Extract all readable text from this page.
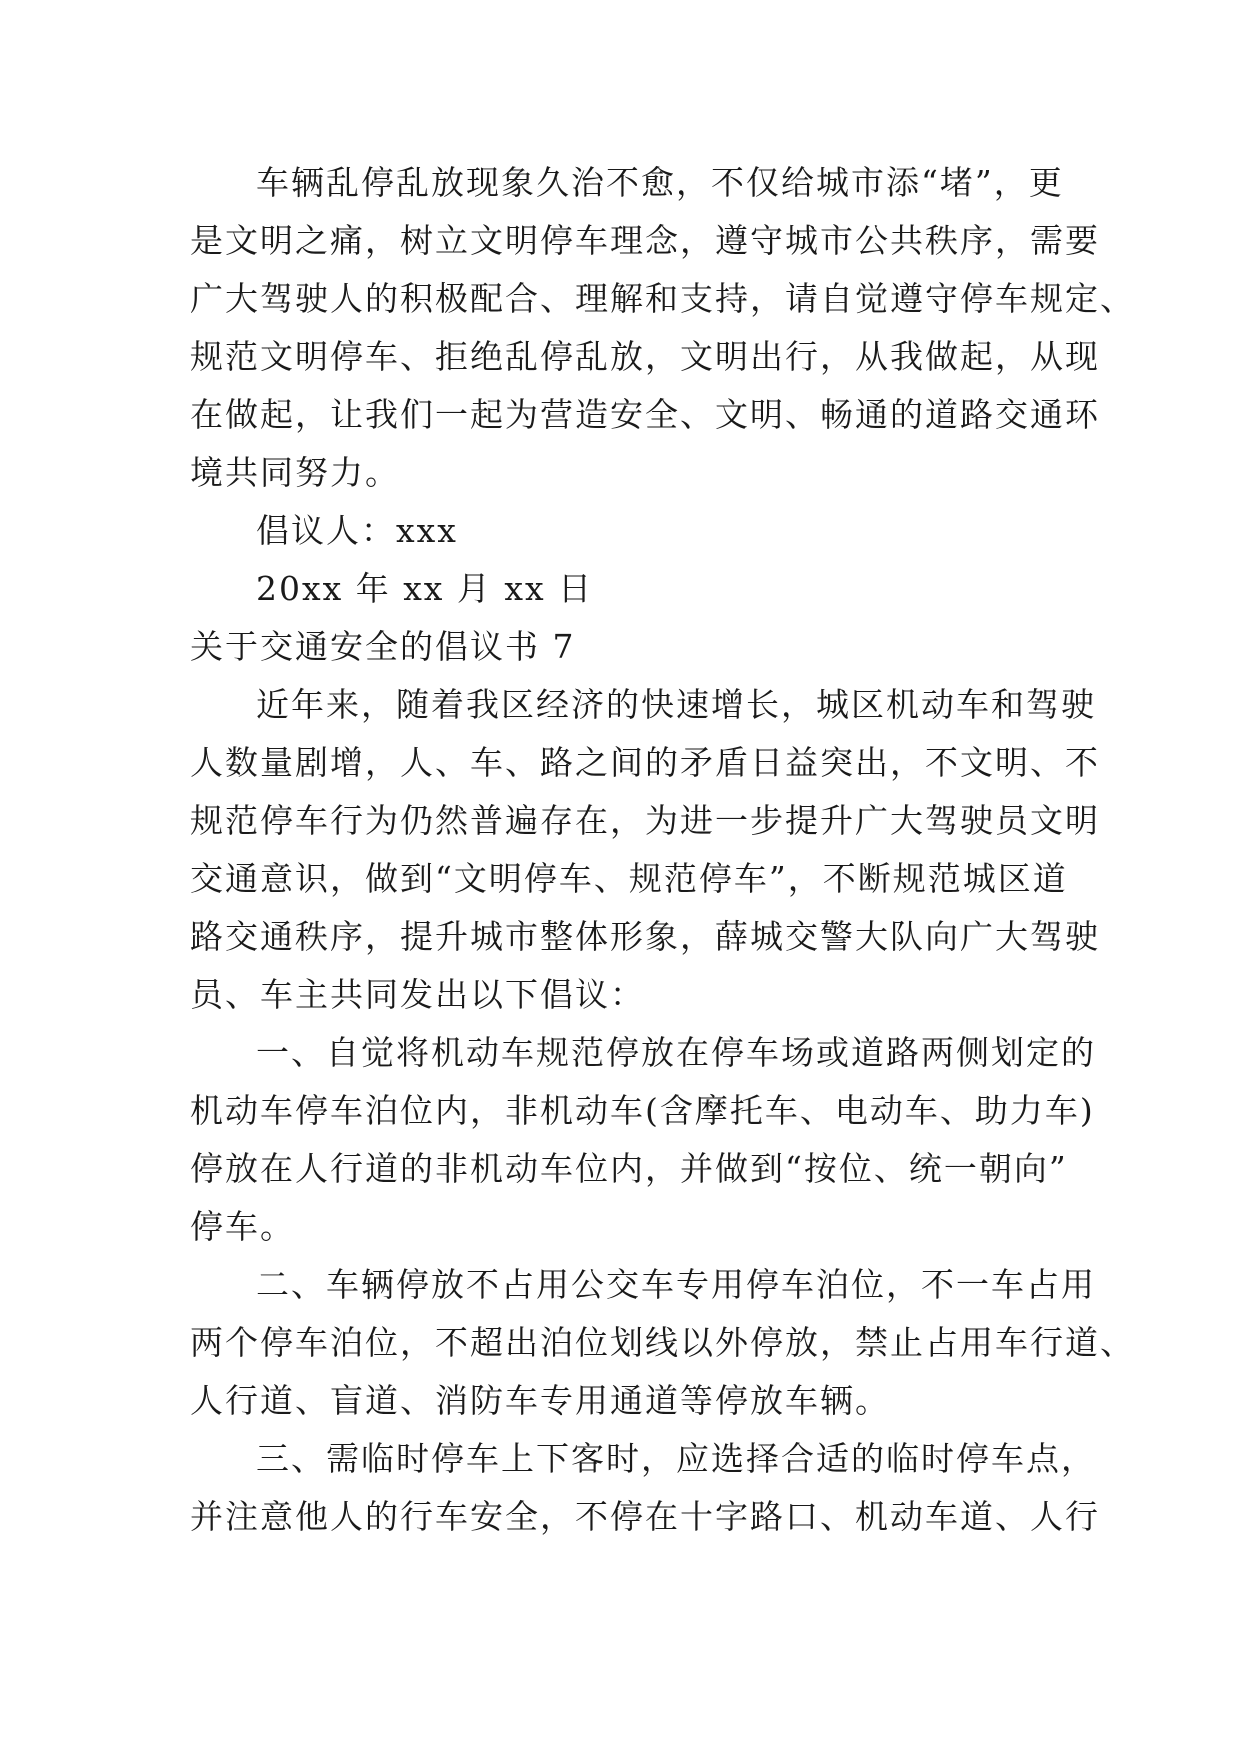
车辆乱停乱放现象久治不愈，不仅给城市添“堵”，更
是文明之痛，树立文明停车理念，遵守城市公共秩序，需要
广大驾驶人的积极配合、理解和支持，请自觉遵守停车规定、
规范文明停车、拒绝乱停乱放，文明出行，从我做起，从现
在做起，让我们一起为营造安全、文明、畅通的道路交通环
境共同努力。
倡议人：xxx
20xx 年 xx 月 xx 日
关于交通安全的倡议书 7
近年来，随着我区经济的快速增长，城区机动车和驾驶
人数量剧增，人、车、路之间的矛盾日益突出，不文明、不
规范停车行为仍然普遍存在，为进一步提升广大驾驶员文明
交通意识，做到“文明停车、规范停车”，不断规范城区道
路交通秩序，提升城市整体形象，薛城交警大队向广大驾驶
员、车主共同发出以下倡议：
一、自觉将机动车规范停放在停车场或道路两侧划定的
机动车停车泊位内，非机动车(含摩托车、电动车、助力车)
停放在人行道的非机动车位内，并做到“按位、统一朝向”
停车。
二、车辆停放不占用公交车专用停车泊位，不一车占用
两个停车泊位，不超出泊位划线以外停放，禁止占用车行道、
人行道、盲道、消防车专用通道等停放车辆。
三、需临时停车上下客时，应选择合适的临时停车点，
并注意他人的行车安全，不停在十字路口、机动车道、人行
